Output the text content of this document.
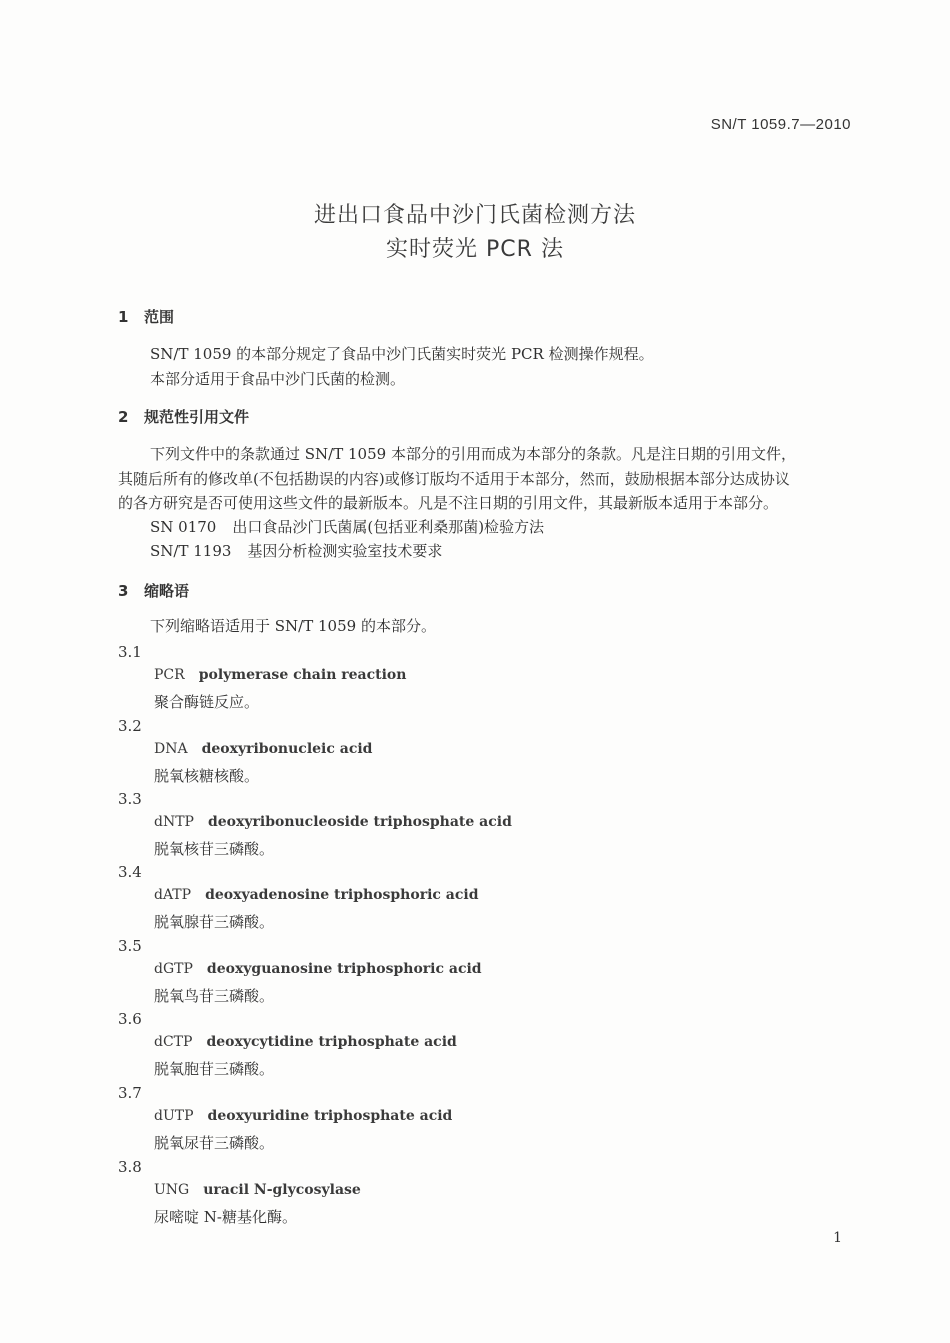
SN/T 1059.7—2010
进出口食品中沙门氏菌检测方法
实时荧光 PCR 法
1 范围
SN/T 1059 的本部分规定了食品中沙门氏菌实时荧光 PCR 检测操作规程。
本部分适用于食品中沙门氏菌的检测。
2 规范性引用文件
下列文件中的条款通过 SN/T 1059 本部分的引用而成为本部分的条款。凡是注日期的引用文件，
其随后所有的修改单(不包括勘误的内容)或修订版均不适用于本部分，然而，鼓励根据本部分达成协议
的各方研究是否可使用这些文件的最新版本。凡是不注日期的引用文件，其最新版本适用于本部分。
SN 0170 出口食品沙门氏菌属(包括亚利桑那菌)检验方法
SN/T 1193 基因分析检测实验室技术要求
3 缩略语
下列缩略语适用于 SN/T 1059 的本部分。
3.1
PCR polymerase chain reaction
聚合酶链反应。
3.2
DNA deoxyribonucleic acid
脱氧核糖核酸。
3.3
dNTP deoxyribonucleoside triphosphate acid
脱氧核苷三磷酸。
3.4
dATP deoxyadenosine triphosphoric acid
脱氧腺苷三磷酸。
3.5
dGTP deoxyguanosine triphosphoric acid
脱氧鸟苷三磷酸。
3.6
dCTP deoxycytidine triphosphate acid
脱氧胞苷三磷酸。
3.7
dUTP deoxyuridine triphosphate acid
脱氧尿苷三磷酸。
3.8
UNG uracil N-glycosylase
尿嘧啶 N-糖基化酶。
1
